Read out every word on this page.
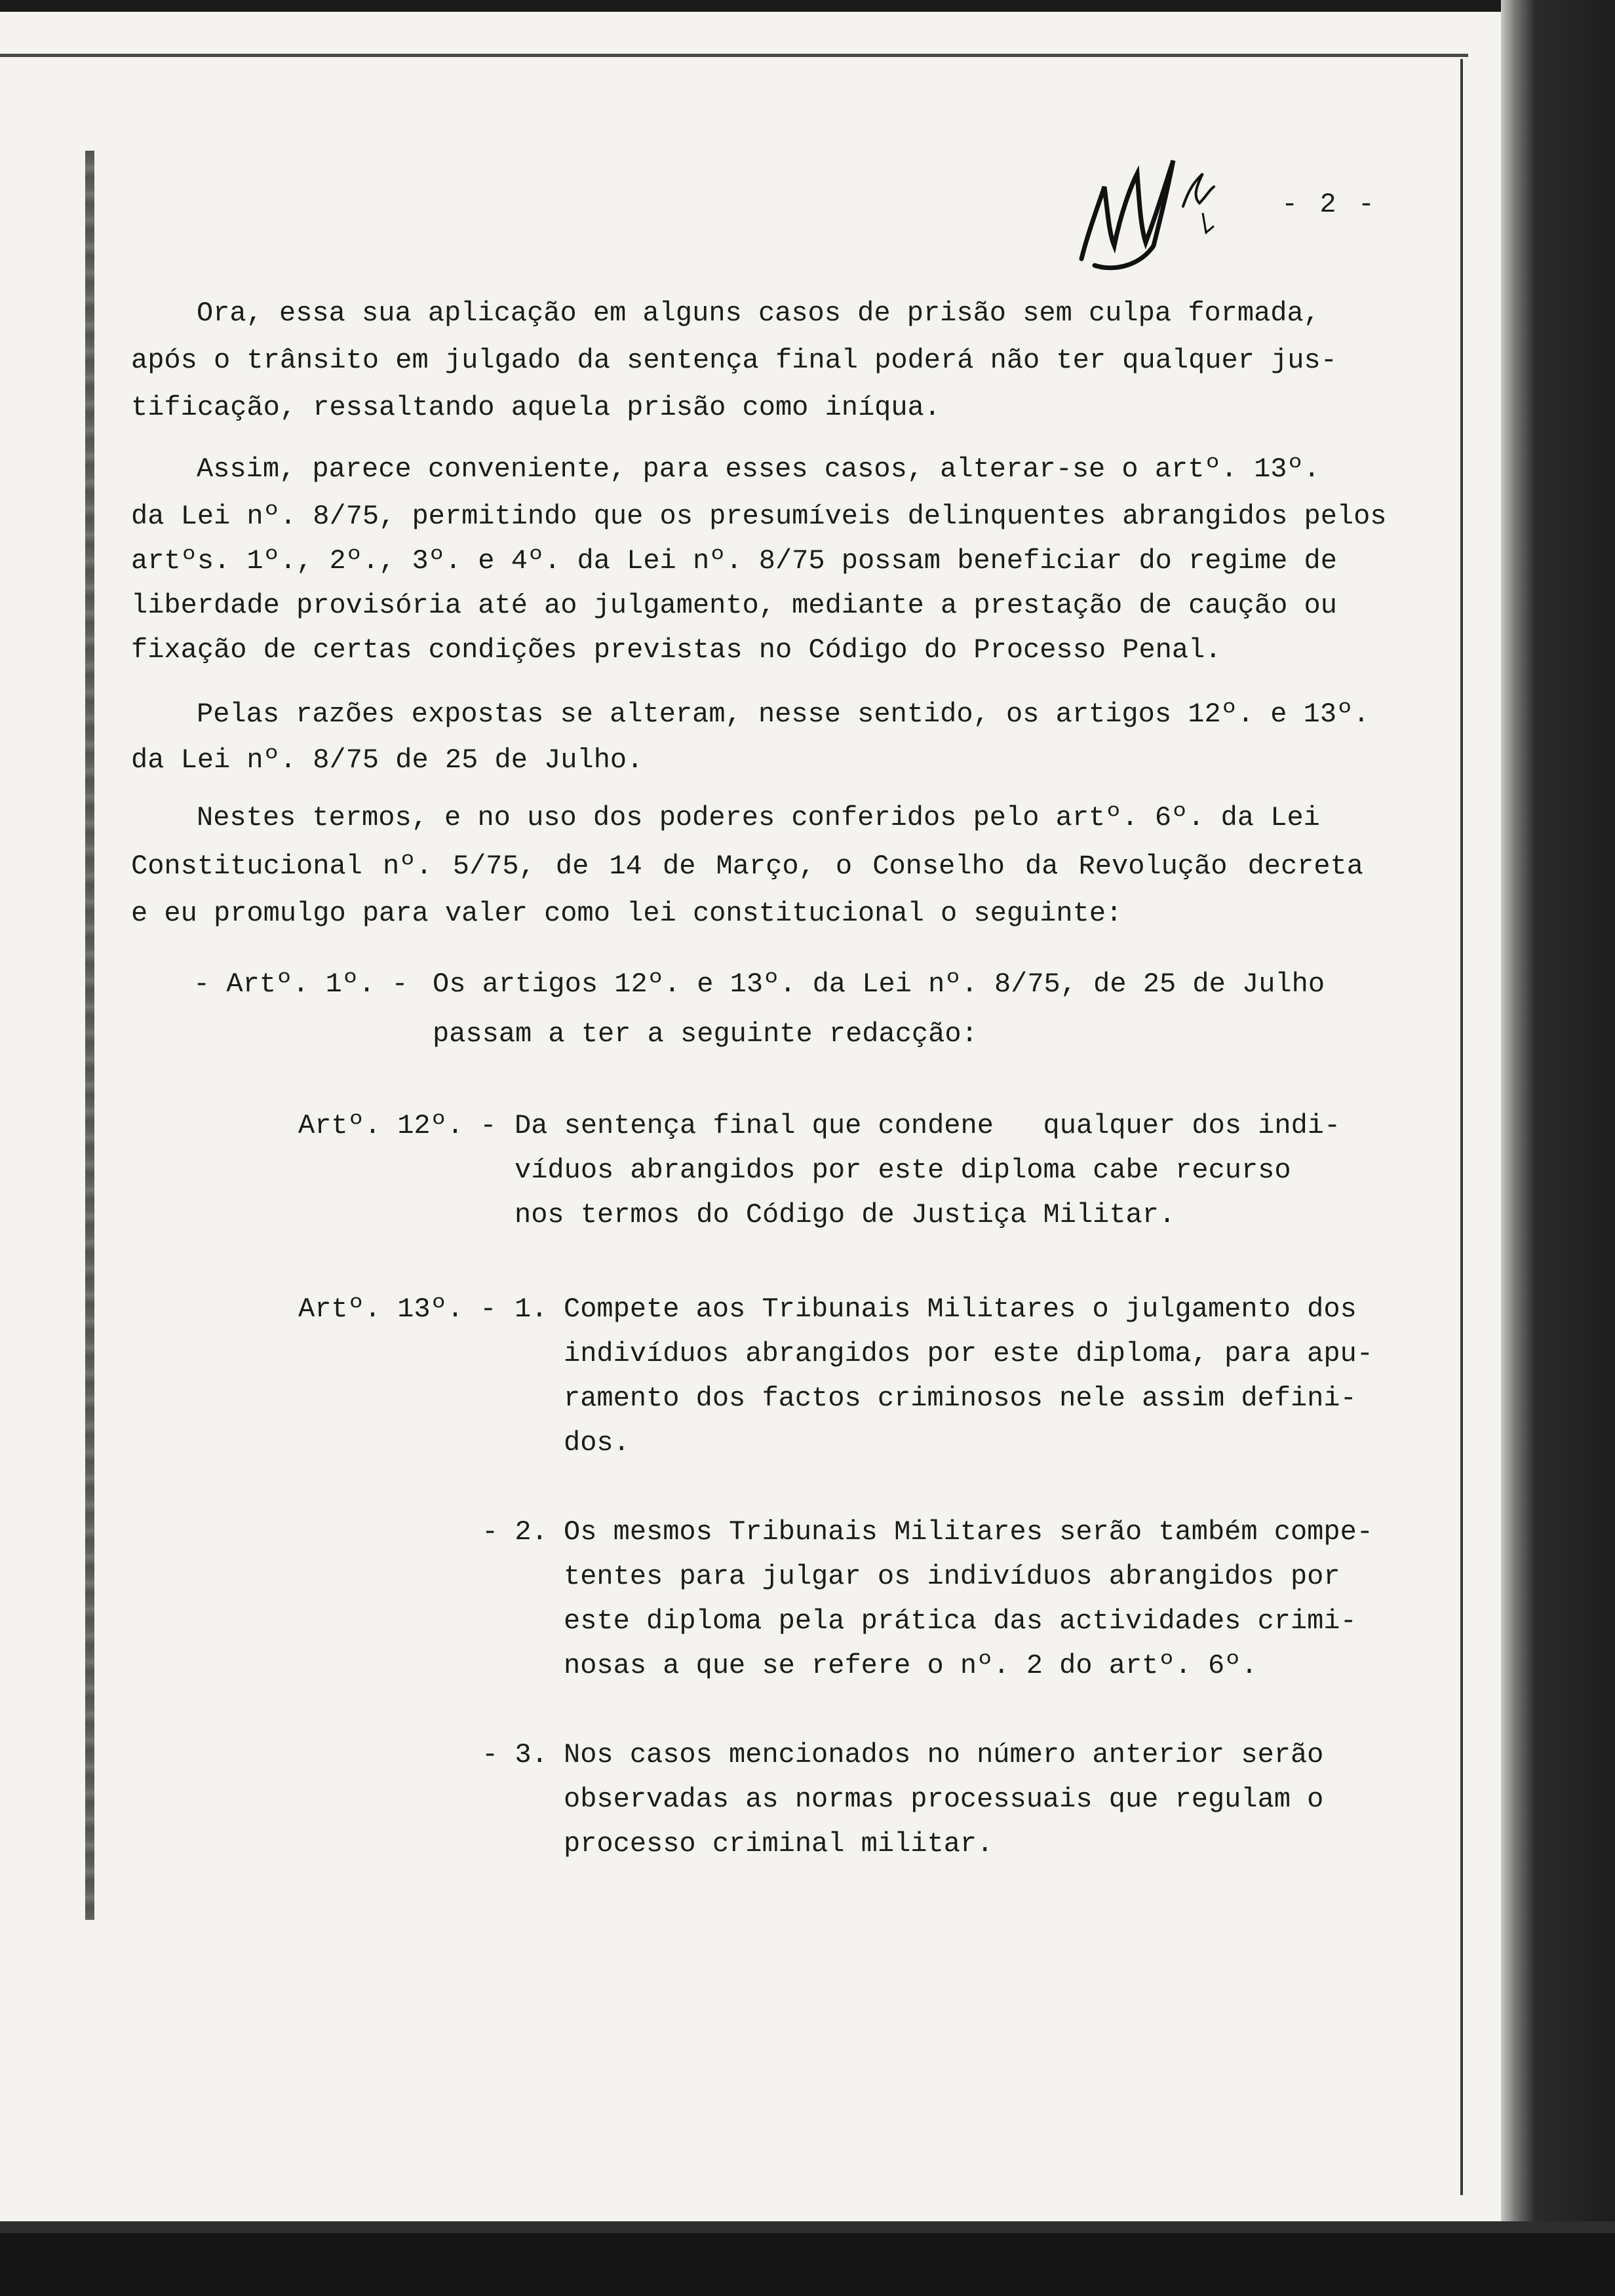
- 2 -

Ora, essa sua aplicação em alguns casos de prisão sem culpa formada,

após o trânsito em julgado da sentença final poderá não ter qualquer jus-

tificação, ressaltando aquela prisão como iníqua.

Assim, parece conveniente, para esses casos, alterar-se o artº. 13º.

da Lei nº. 8/75, permitindo que os presumíveis delinquentes abrangidos pelos

artºs. 1º., 2º., 3º. e 4º. da Lei nº. 8/75 possam beneficiar do regime de

liberdade provisória até ao julgamento, mediante a prestação de caução ou

fixação de certas condições previstas no Código do Processo Penal.

Pelas razões expostas se alteram, nesse sentido, os artigos 12º. e 13º.

da Lei nº. 8/75 de 25 de Julho.

Nestes termos, e no uso dos poderes conferidos pelo artº. 6º. da Lei

Constitucional nº. 5/75, de 14 de Março, o Conselho da Revolução decreta

e eu promulgo para valer como lei constitucional o seguinte:

- Artº. 1º. - Os artigos 12º. e 13º. da Lei nº. 8/75, de 25 de Julho
passam a ter a seguinte redacção:
Artº. 12º. - Da sentença final que condene   qualquer dos indi-
víduos abrangidos por este diploma cabe recurso
nos termos do Código de Justiça Militar.
Artº. 13º. - 1. Compete aos Tribunais Militares o julgamento dos
indivíduos abrangidos por este diploma, para apu-
ramento dos factos criminosos nele assim defini-
dos.
- 2. Os mesmos Tribunais Militares serão também compe-
tentes para julgar os indivíduos abrangidos por
este diploma pela prática das actividades crimi-
nosas a que se refere o nº. 2 do artº. 6º.
- 3. Nos casos mencionados no número anterior serão
observadas as normas processuais que regulam o
processo criminal militar.
